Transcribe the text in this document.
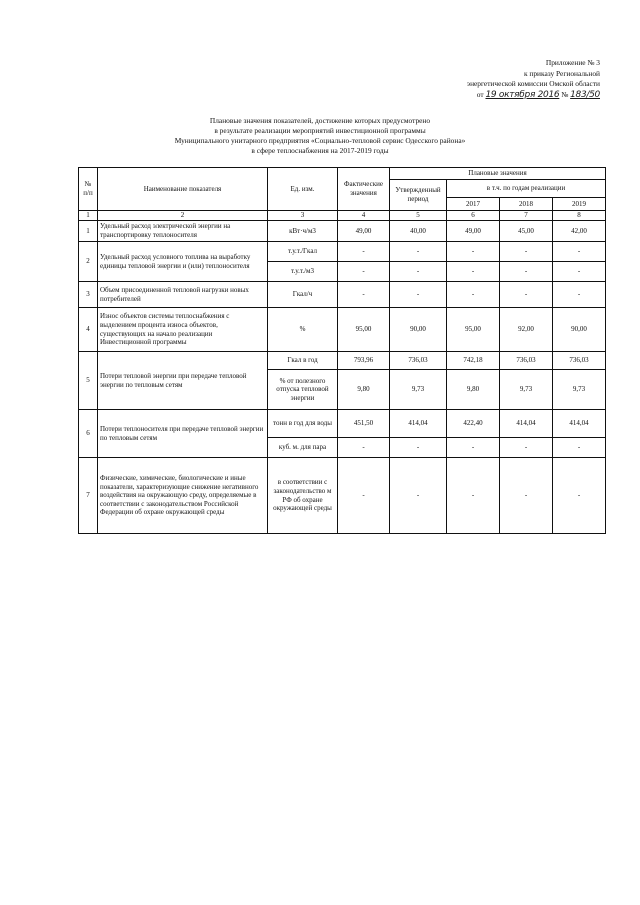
Приложение № 3
к приказу Региональной
энергетической комиссии Омской области
от 19 октября 2016 № 183/50
Плановые значения показателей, достижение которых предусмотрено
в результате реализации мероприятий инвестиционной программы
Муниципального унитарного предприятия «Социально-тепловой сервис Одесского района»
в сфере теплоснабжения на 2017-2019 годы
№ п/п	Наименование показателя	Ед. изм.	Фактические значения	Плановые значения			
				Утвержденный период	в т.ч. по годам реализации		
					2017	2018	2019
1	2	3	4	5	6	7	8
1	Удельный расход электрической энергии на транспортировку теплоносителя	кВт·ч/м3	49,00	40,00	49,00	45,00	42,00
2	Удельный расход условного топлива на выработку единицы тепловой энергии и (или) теплоносителя	т.у.т./Гкал	-	-	-	-	-
		т.у.т./м3	-	-	-	-	-
3	Объем присоединенной тепловой нагрузки новых потребителей	Гкал/ч	-	-	-	-	-
4	Износ объектов системы теплоснабжения с выделением процента износа объектов, существующих на начало реализации Инвестиционной программы	%	95,00	90,00	95,00	92,00	90,00
5	Потери тепловой энергии при передаче тепловой энергии по тепловым сетям	Гкал в год	793,96	736,03	742,18	736,03	736,03
		% от полезного отпуска тепловой энергии	9,80	9,73	9,80	9,73	9,73
6	Потери теплоносителя при передаче тепловой энергии по тепловым сетям	тонн в год для воды	451,50	414,04	422,40	414,04	414,04
		куб. м. для пара	-	-	-	-	-
7	Физические, химические, биологические и иные показатели, характеризующие снижение негативного воздействия на окружающую среду, определяемые в соответствии с законодательством Российской Федерации об охране окружающей среды	в соответствии с законодательство м РФ об охране окружающей среды	-	-	-	-	-
